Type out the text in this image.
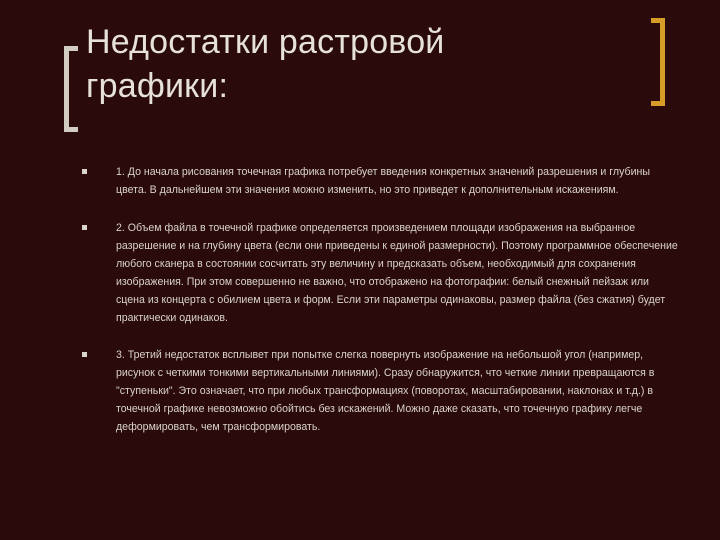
Недостатки растровой
графики:
1. До начала рисования точечная графика потребует введения конкретных значений разрешения и глубины цвета. В дальнейшем эти значения можно изменить, но это приведет к дополнительным искажениям.
2. Объем файла в точечной графике определяется произведением площади изображения на выбранное разрешение и на глубину цвета (если они приведены к единой размерности). Поэтому программное обеспечение любого сканера в состоянии сосчитать эту величину и предсказать объем, необходимый для сохранения изображения. При этом совершенно не важно, что отображено на фотографии: белый снежный пейзаж или сцена из концерта с обилием цвета и форм. Если эти параметры одинаковы, размер файла (без сжатия) будет практически одинаков.
3. Третий недостаток всплывет при попытке слегка повернуть изображение на небольшой угол (например, рисунок с четкими тонкими вертикальными линиями). Сразу обнаружится, что четкие линии превращаются в "ступеньки". Это означает, что при любых трансформациях (поворотах, масштабировании, наклонах и т.д.) в точечной графике невозможно обойтись без искажений. Можно даже сказать, что точечную графику легче деформировать, чем трансформировать.
